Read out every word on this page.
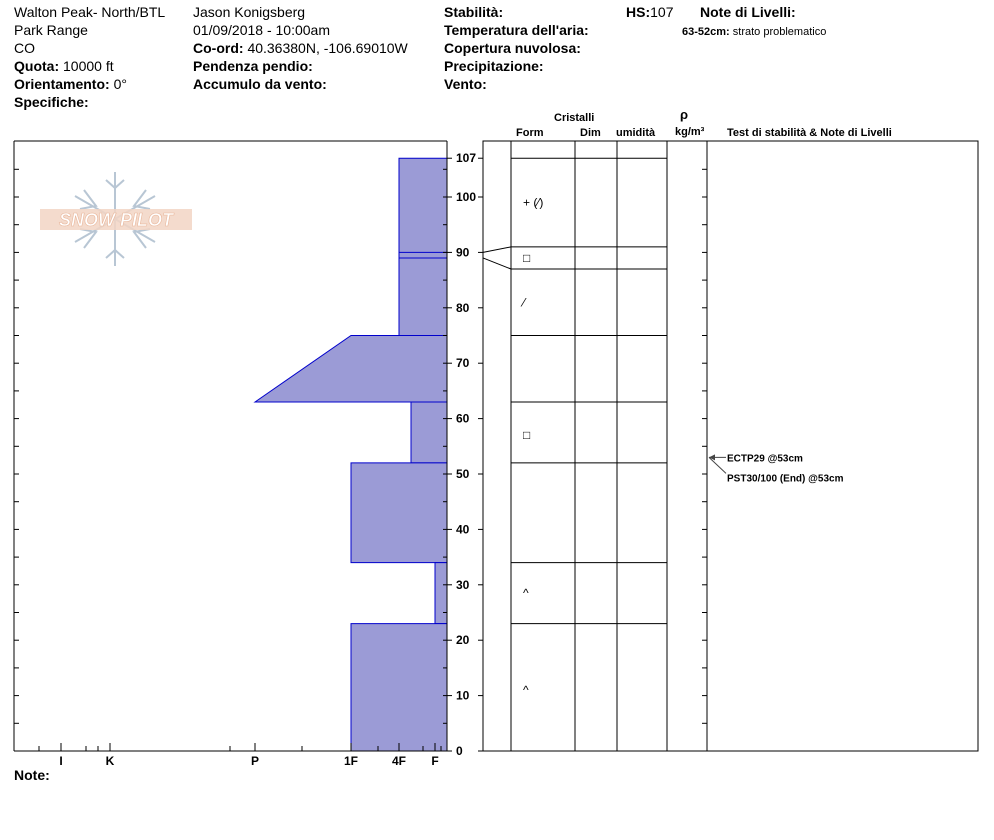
Walton Peak- North/BTL
Park Range
CO
Quota: 10000 ft
Orientamento: 0°
Specifiche:
Jason Konigsberg
01/09/2018 - 10:00am
Co-ord: 40.36380N, -106.69010W
Pendenza pendio:
Accumulo da vento:
Stabilità:
Temperatura dell'aria:
Copertura nuvolosa:
Precipitazione:
Vento:
HS:107 Note di Livelli:
63-52cm: strato problematico
Cristalli
Form	Dim umidità
ρ
kg/m³ Test di stabilità & Note di Livelli
Note:
SNOW PILOT
0
10
20
30
40
50
60
70
80
90
100
107
I	K	P	1F	4F F
+ (⁄)
□
⁄
□
^
^
ECTP29 @53cm
PST30/100 (End) @53cm
